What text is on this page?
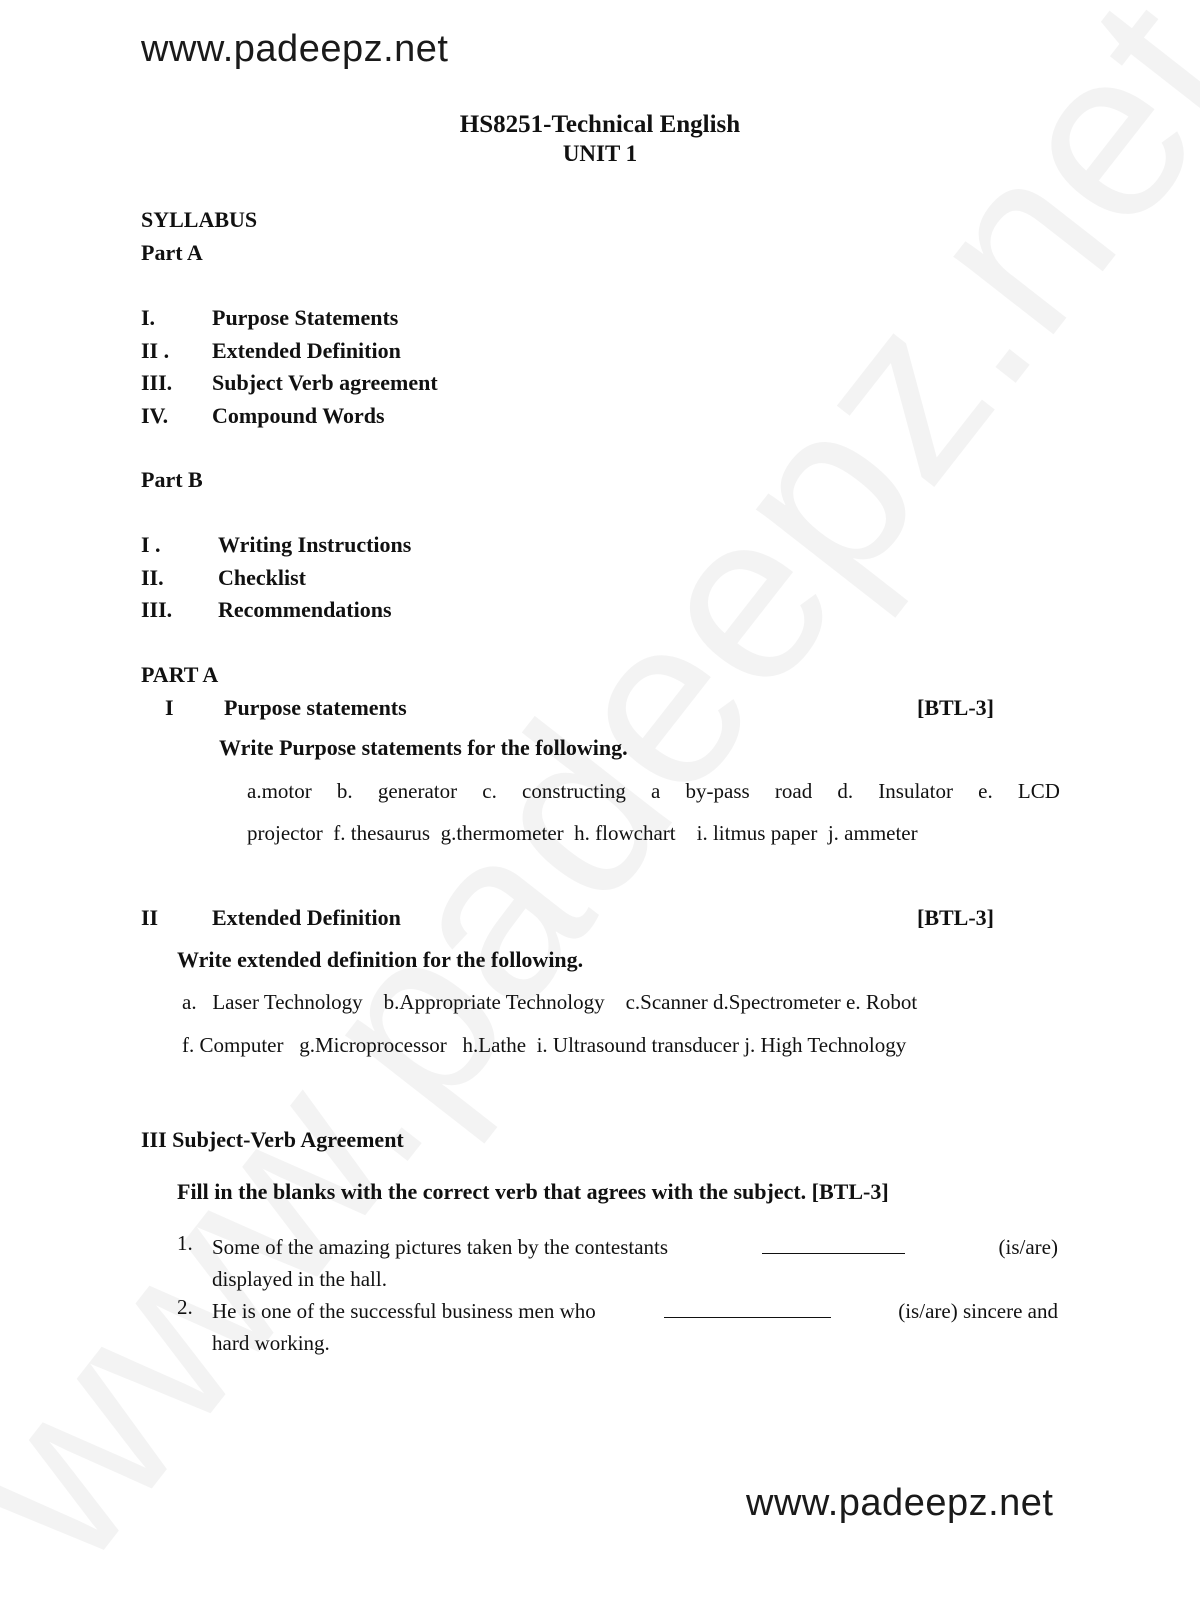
www.padeepz.net
HS8251-Technical English
UNIT 1
SYLLABUS
Part A
I.	Purpose Statements
II . Extended Definition
III. Subject Verb agreement
IV. Compound Words
Part B
I .	Writing Instructions
II. Checklist
III. Recommendations
PART A
I Purpose statements	[BTL-3]
Write Purpose statements for the following.
a.motor b. generator c. constructing a by-pass road d. Insulator e. LCD
projector  f. thesaurus  g.thermometer  h. flowchart    i. litmus paper  j. ammeter
II Extended Definition	[BTL-3]
Write extended definition for the following.
a.   Laser Technology    b.Appropriate Technology    c.Scanner d.Spectrometer e. Robot
f. Computer   g.Microprocessor   h.Lathe  i. Ultrasound transducer j. High Technology
III Subject-Verb Agreement
Fill in the blanks with the correct verb that agrees with the subject. [BTL-3]
1. Some of the amazing pictures taken by the contestants	(is/are)
displayed in the hall.
2. He is one of the successful business men who	(is/are) sincere and
hard working.
www.padeepz.net
